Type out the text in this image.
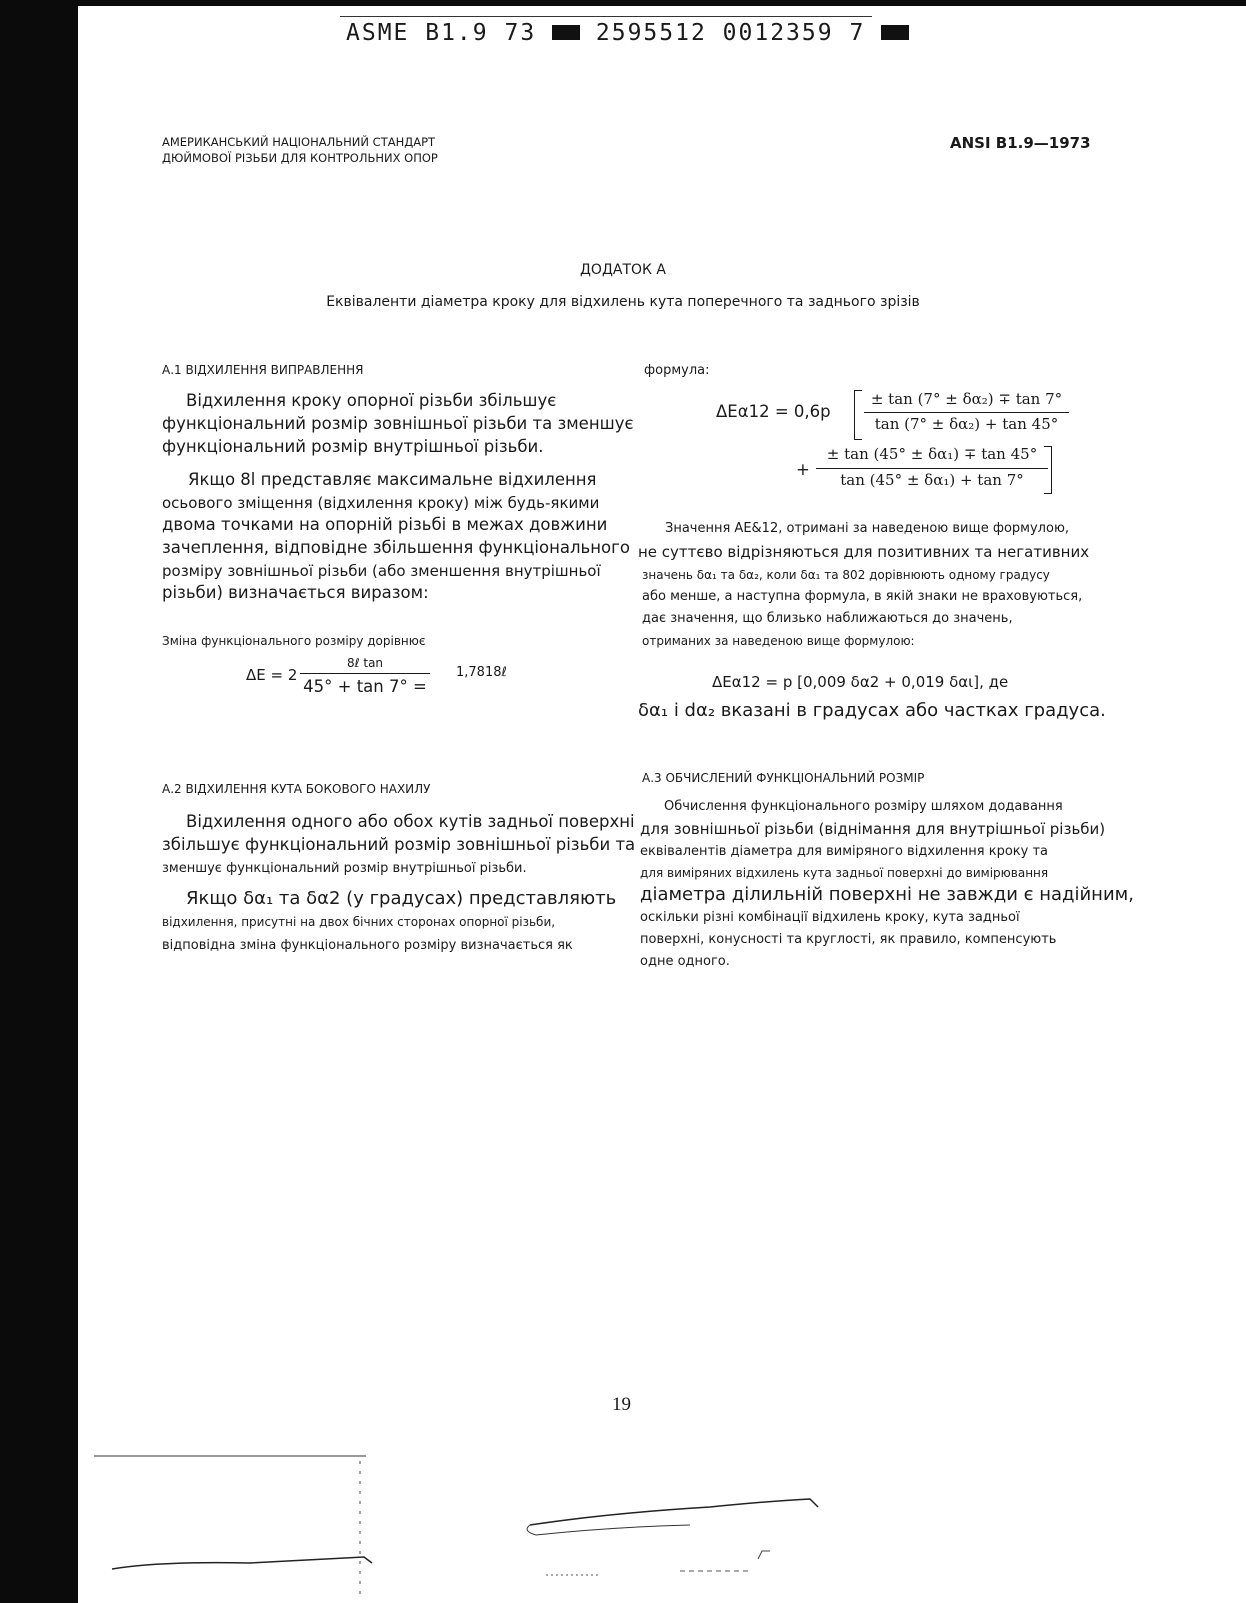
ASME B1.9 73	2595512 0012359 7
АМЕРИКАНСЬКИЙ НАЦІОНАЛЬНИЙ СТАНДАРТ
ДЮЙМОВОЇ РІЗЬБИ ДЛЯ КОНТРОЛЬНИХ ОПОР
ANSI B1.9—1973
ДОДАТОК А
Еквіваленти діаметра кроку для відхилень кута поперечного та заднього зрізів
А.1 ВІДХИЛЕННЯ ВИПРАВЛЕННЯ
Відхилення кроку опорної різьби збільшує
функціональний розмір зовнішньої різьби та зменшує
функціональний розмір внутрішньої різьби.
Якщо 8l представляє максимальне відхилення
осьового зміщення (відхилення кроку) між будь-якими
двома точками на опорній різьбі в межах довжини
зачеплення, відповідне збільшення функціонального
розміру зовнішньої різьби (або зменшення внутрішньої
різьби) визначається виразом:
Зміна функціонального розміру дорівнює
ΔE = 2
8ℓ tan
45° + tan 7° =
1,7818ℓ
А.2 ВІДХИЛЕННЯ КУТА БОКОВОГО НАХИЛУ
Відхилення одного або обох кутів задньої поверхні
збільшує функціональний розмір зовнішньої різьби та
зменшує функціональний розмір внутрішньої різьби.
Якщо δα₁ та δα2 (у градусах) представляють
відхилення, присутні на двох бічних сторонах опорної різьби,
відповідна зміна функціонального розміру визначається як
формула:
ΔEα12 = 0,6p
± tan (7° ± δα₂) ∓ tan 7°
tan (7° ± δα₂) + tan 45°
+
± tan (45° ± δα₁) ∓ tan 45°
tan (45° ± δα₁) + tan 7°
Значення ΑΕ&12, отримані за наведеною вище формулою,
не суттєво відрізняються для позитивних та негативних
значень δα₁ та δα₂, коли δα₁ та 802 дорівнюють одному градусу
або менше, а наступна формула, в якій знаки не враховуються,
дає значення, що близько наближаються до значень,
отриманих за наведеною вище формулою:
ΔEα12 = p [0,009 δα2 + 0,019 δαι], де
δα₁ і dα₂ вказані в градусах або частках градуса.
А.3 ОБЧИСЛЕНИЙ ФУНКЦІОНАЛЬНИЙ РОЗМІР
Обчислення функціонального розміру шляхом додавання
для зовнішньої різьби (віднімання для внутрішньої різьби)
еквівалентів діаметра для виміряного відхилення кроку та
для виміряних відхилень кута задньої поверхні до вимірювання
діаметра ділильній поверхні не завжди є надійним,
оскільки різні комбінації відхилень кроку, кута задньої
поверхні, конусності та круглості, як правило, компенсують
одне одного.
19
